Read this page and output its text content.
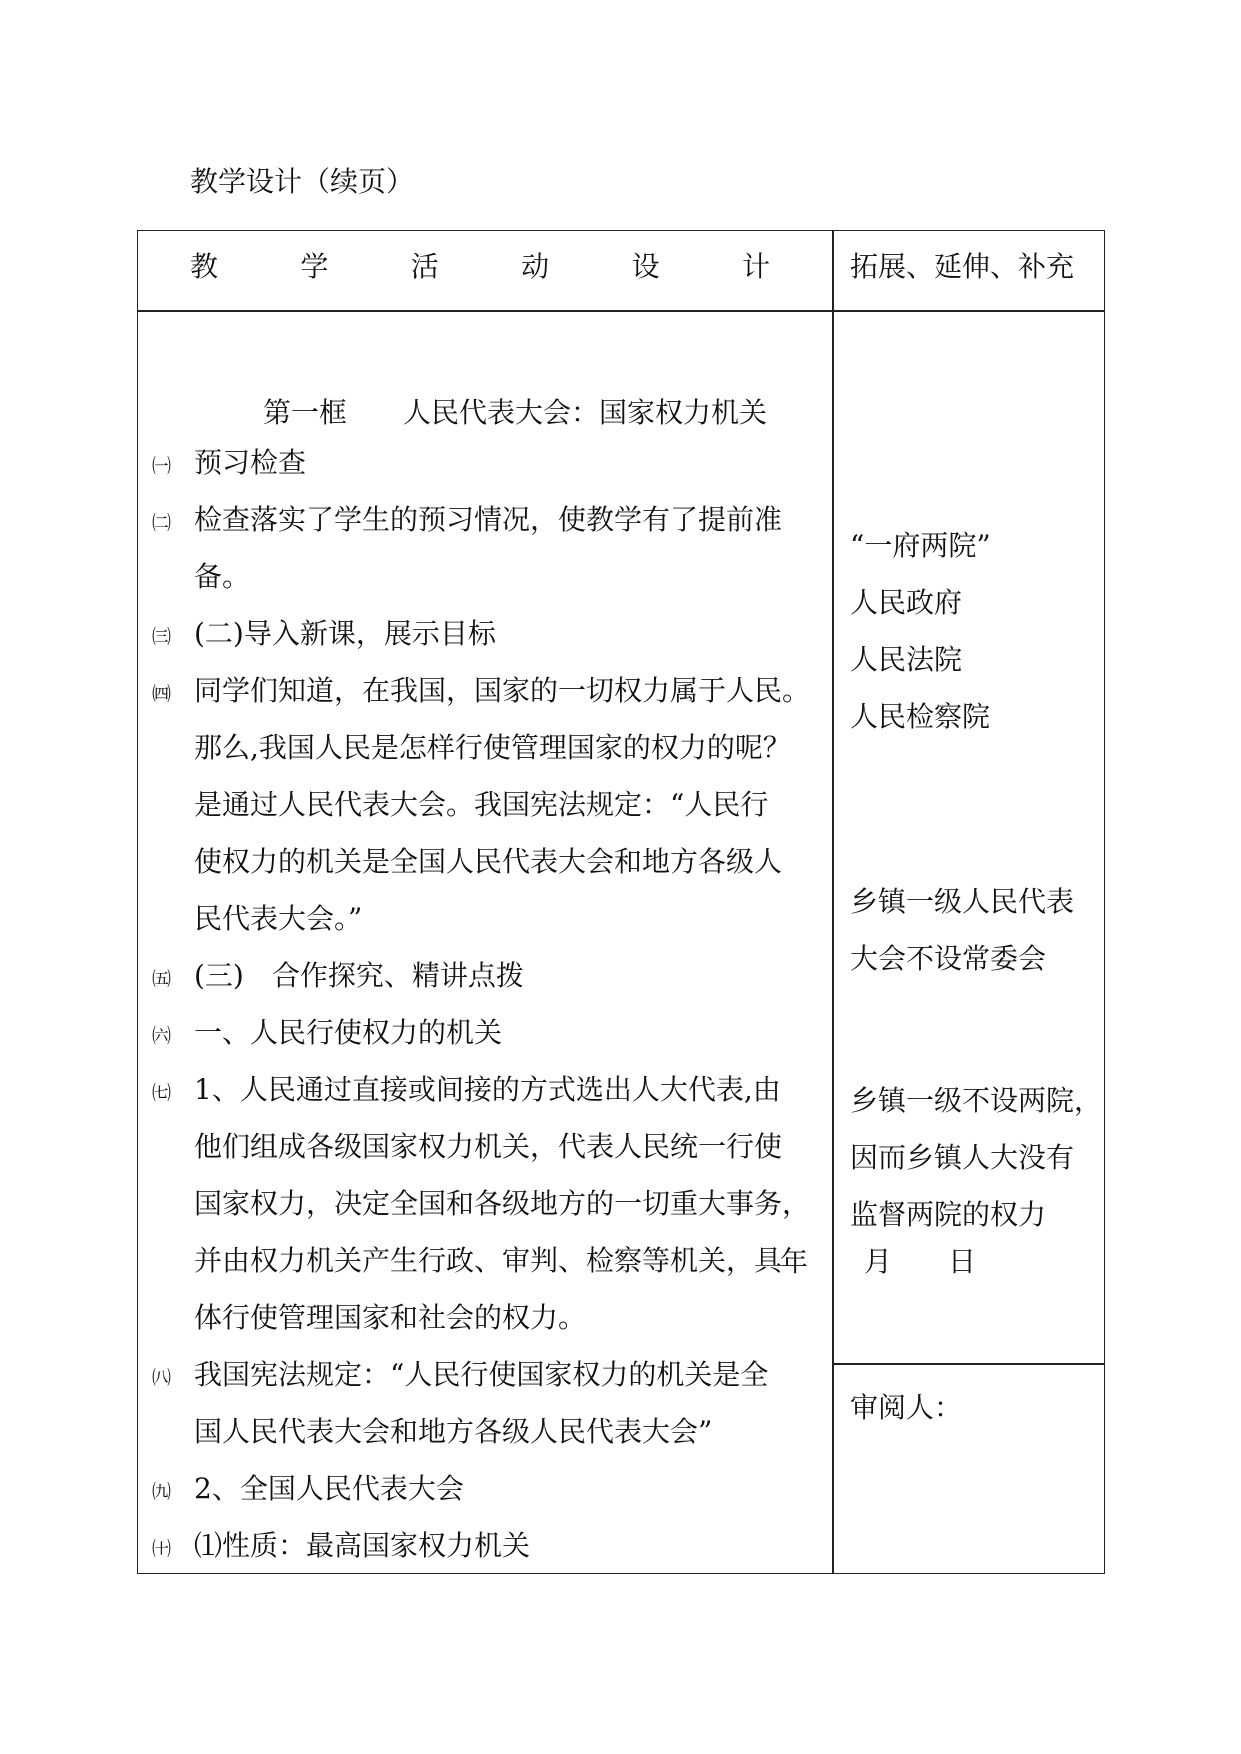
教学设计（续页）
教	学	活	动	设	计	拓展、延伸、补充
第一框　　人民代表大会：国家权力机关
㈠ 预习检查
㈡ 检查落实了学生的预习情况，使教学有了提前准
备。
㈢ (二)导入新课，展示目标
㈣ 同学们知道，在我国，国家的一切权力属于人民。
那么,我国人民是怎样行使管理国家的权力的呢？
是通过人民代表大会。我国宪法规定：“人民行
使权力的机关是全国人民代表大会和地方各级人
民代表大会。”
㈤ (三)　合作探究、精讲点拨
㈥ 一、人民行使权力的机关
㈦ 1、人民通过直接或间接的方式选出人大代表,由
他们组成各级国家权力机关，代表人民统一行使
国家权力，决定全国和各级地方的一切重大事务，
并由权力机关产生行政、审判、检察等机关，具
体行使管理国家和社会的权力。
㈧ 我国宪法规定：“人民行使国家权力的机关是全
国人民代表大会和地方各级人民代表大会”
㈨ 2、全国人民代表大会
㈩ ⑴性质：最高国家权力机关
“一府两院”
人民政府
人民法院
人民检察院
乡镇一级人民代表
大会不设常委会
乡镇一级不设两院，
因而乡镇人大没有
监督两院的权力
审阅人：
年 月 日
